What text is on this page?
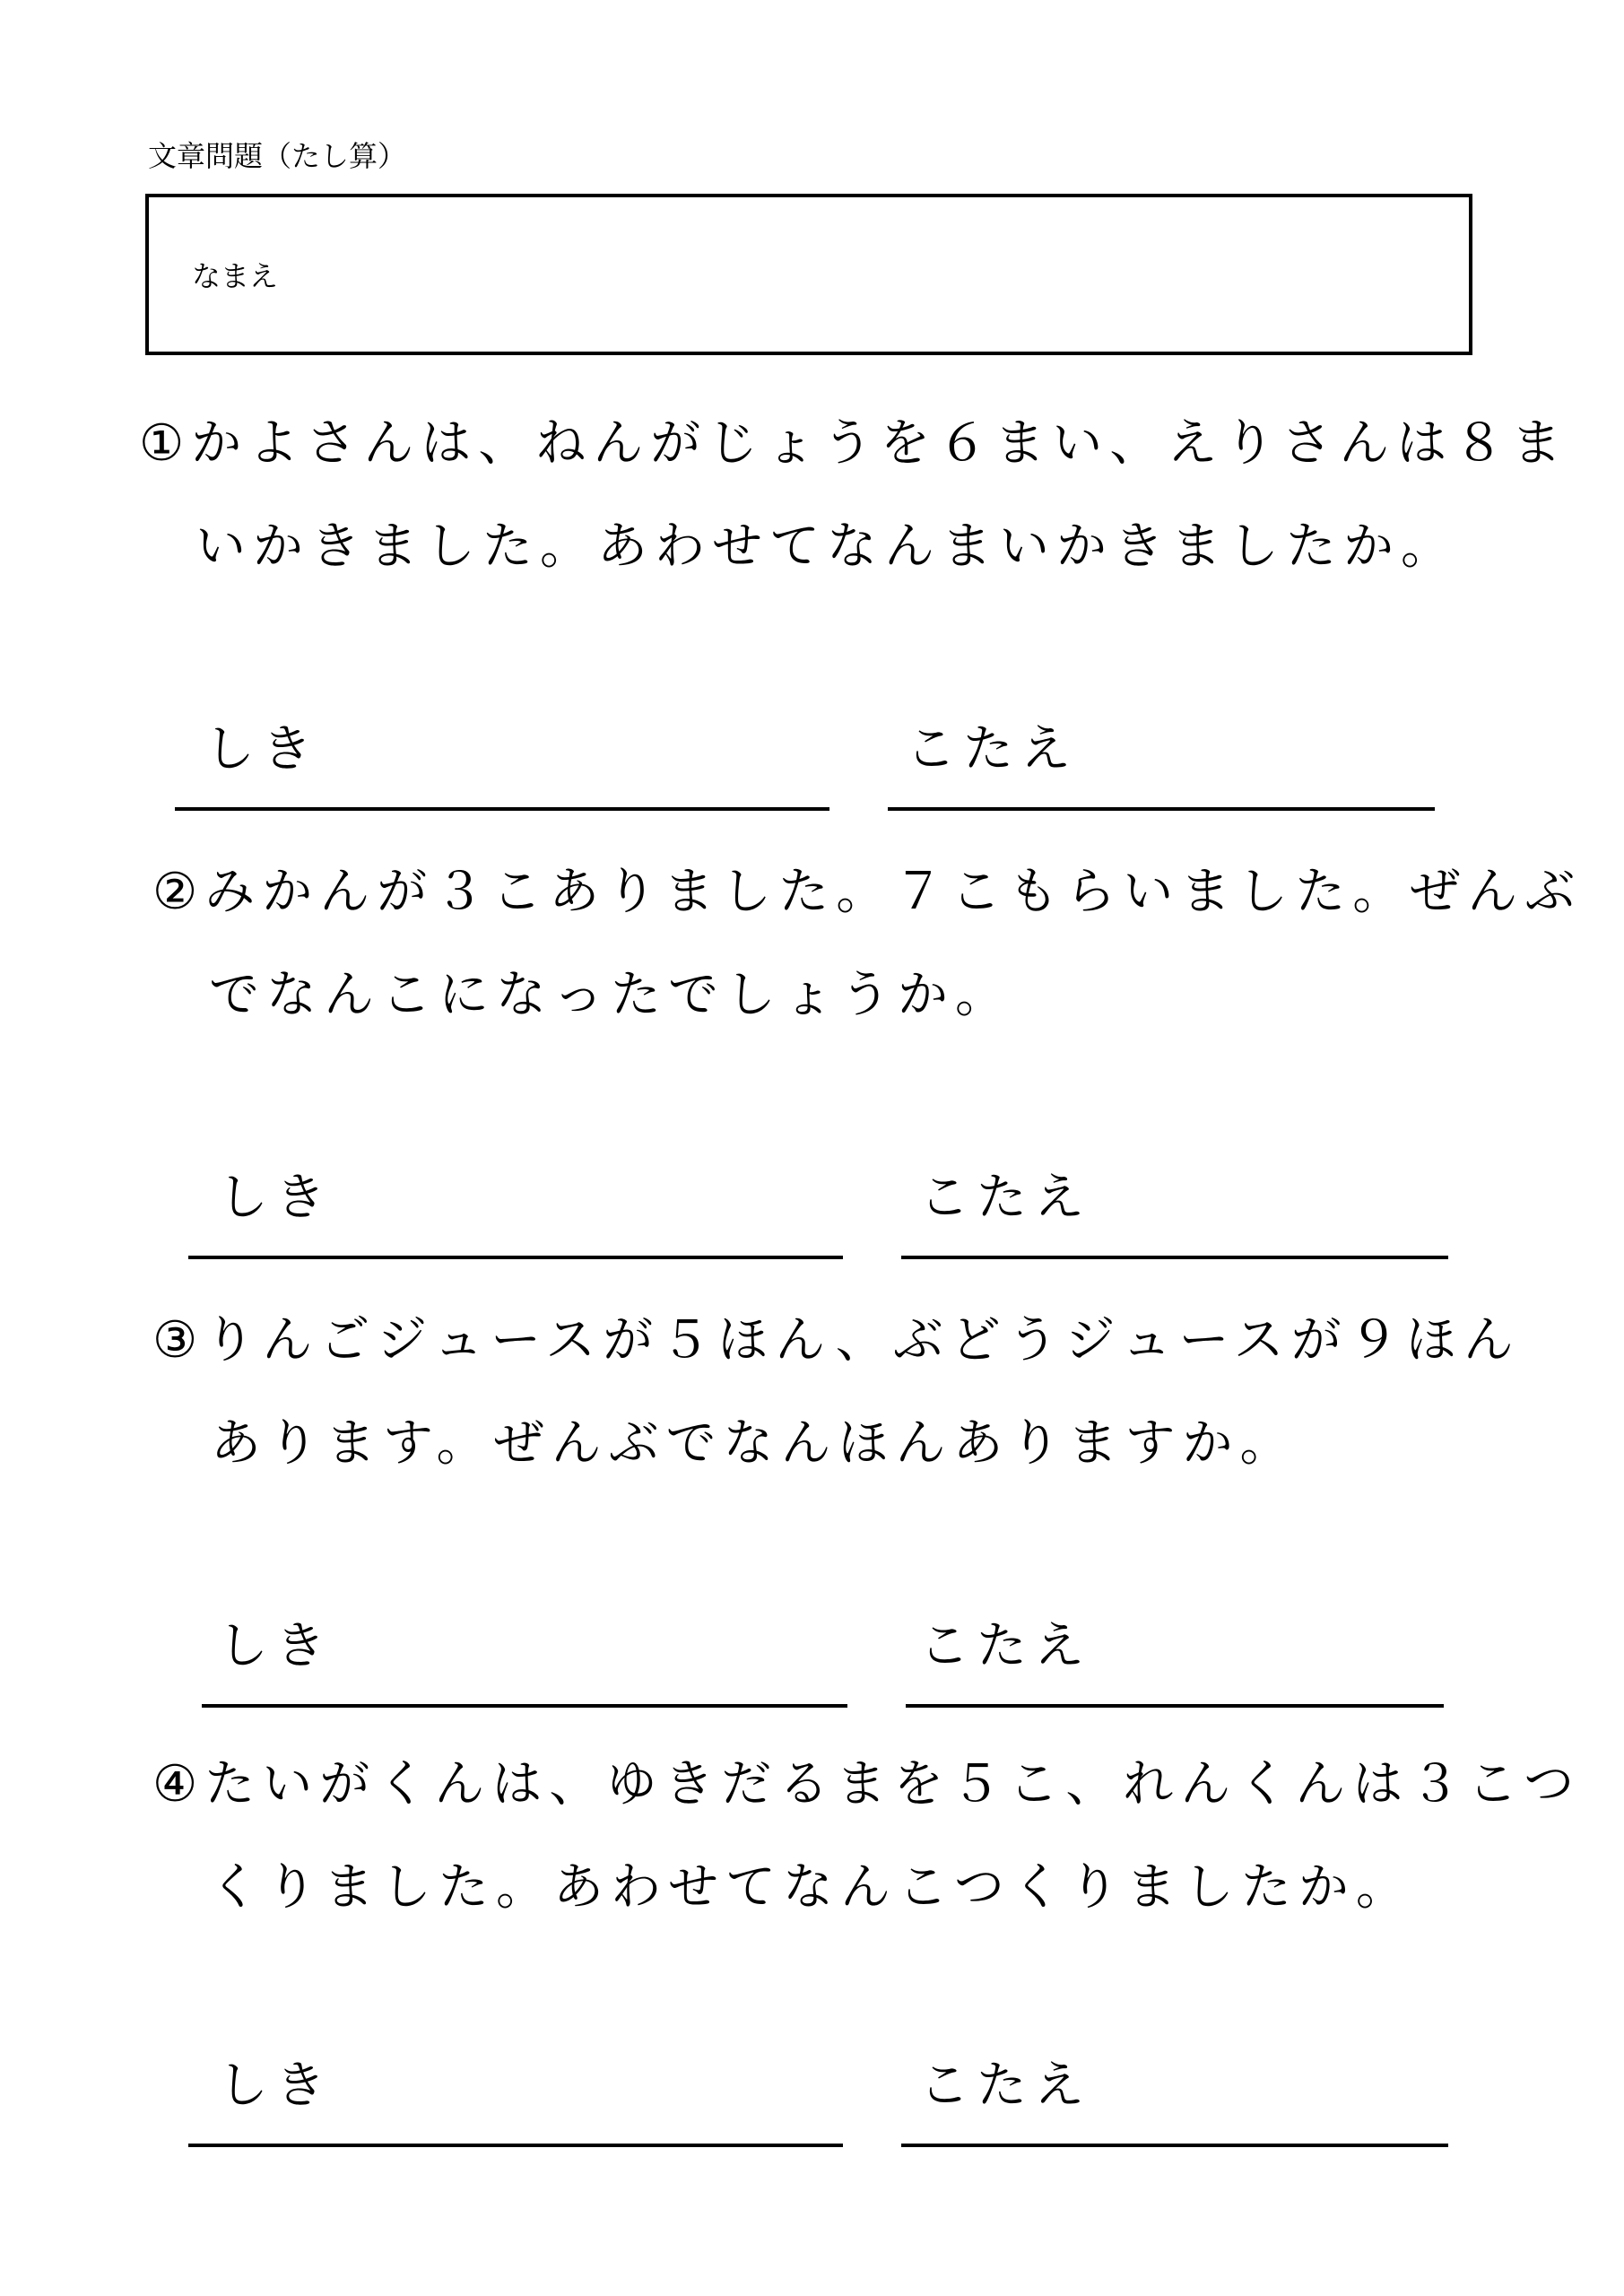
文章問題（たし算）
なまえ
①かよさんは、ねんがじょうを６まい、えりさんは８ま
いかきました。あわせてなんまいかきましたか。
しき	こたえ
②みかんが３こありました。７こもらいました。ぜんぶ
でなんこになったでしょうか。
しき	こたえ
③りんごジュースが５ほん、ぶどうジュースが９ほん
あります。ぜんぶでなんほんありますか。
しき	こたえ
④たいがくんは、ゆきだるまを５こ、れんくんは３こつ
くりました。あわせてなんこつくりましたか。
しき	こたえ
